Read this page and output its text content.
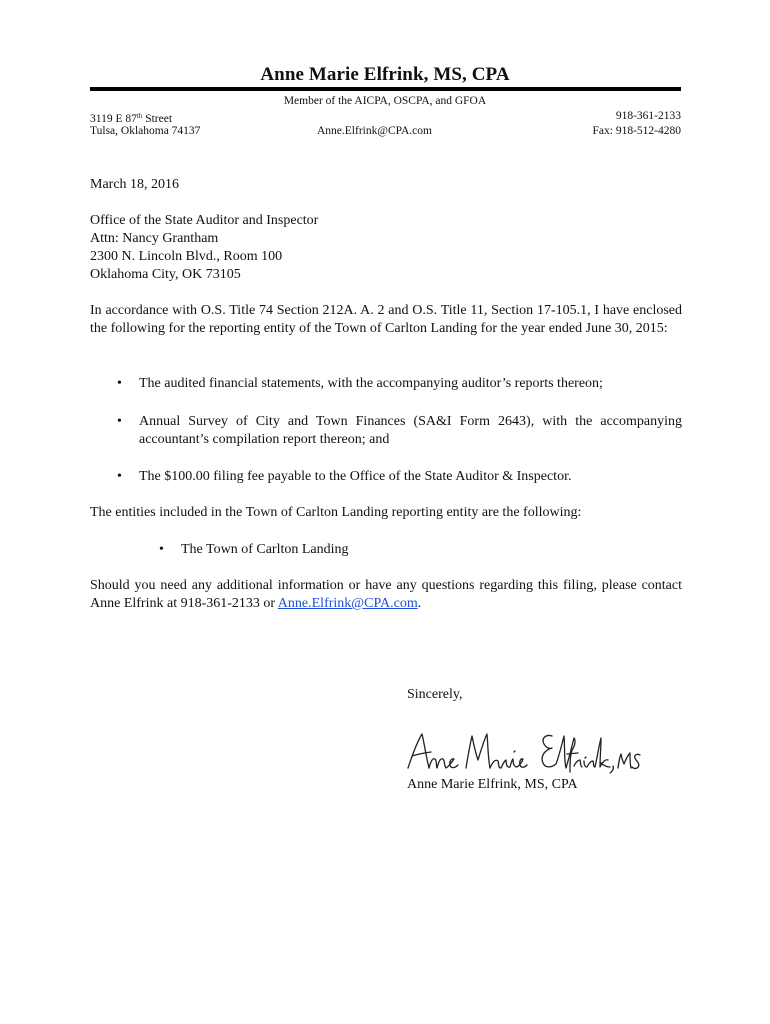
Anne Marie Elfrink, MS, CPA
Member of the AICPA, OSCPA, and GFOA
3119 E 87th Street
Tulsa, Oklahoma 74137	Anne.Elfrink@CPA.com
918-361-2133
Fax: 918-512-4280
March 18, 2016
Office of the State Auditor and Inspector
Attn: Nancy Grantham
2300 N. Lincoln Blvd., Room 100
Oklahoma City, OK 73105
In accordance with O.S. Title 74 Section 212A. A. 2 and O.S. Title 11, Section 17-105.1, I have enclosed the following for the reporting entity of the Town of Carlton Landing for the year ended June 30, 2015:
• The audited financial statements, with the accompanying auditor’s reports thereon;
• Annual Survey of City and Town Finances (SA&I Form 2643), with the accompanying accountant’s compilation report thereon; and
• The $100.00 filing fee payable to the Office of the State Auditor & Inspector.
The entities included in the Town of Carlton Landing reporting entity are the following:
• The Town of Carlton Landing
Should you need any additional information or have any questions regarding this filing, please contact Anne Elfrink at 918-361-2133 or Anne.Elfrink@CPA.com.
Sincerely,
Anne Marie Elfrink, MS, CPA
Anne Marie Elfrink, MS, CPA
